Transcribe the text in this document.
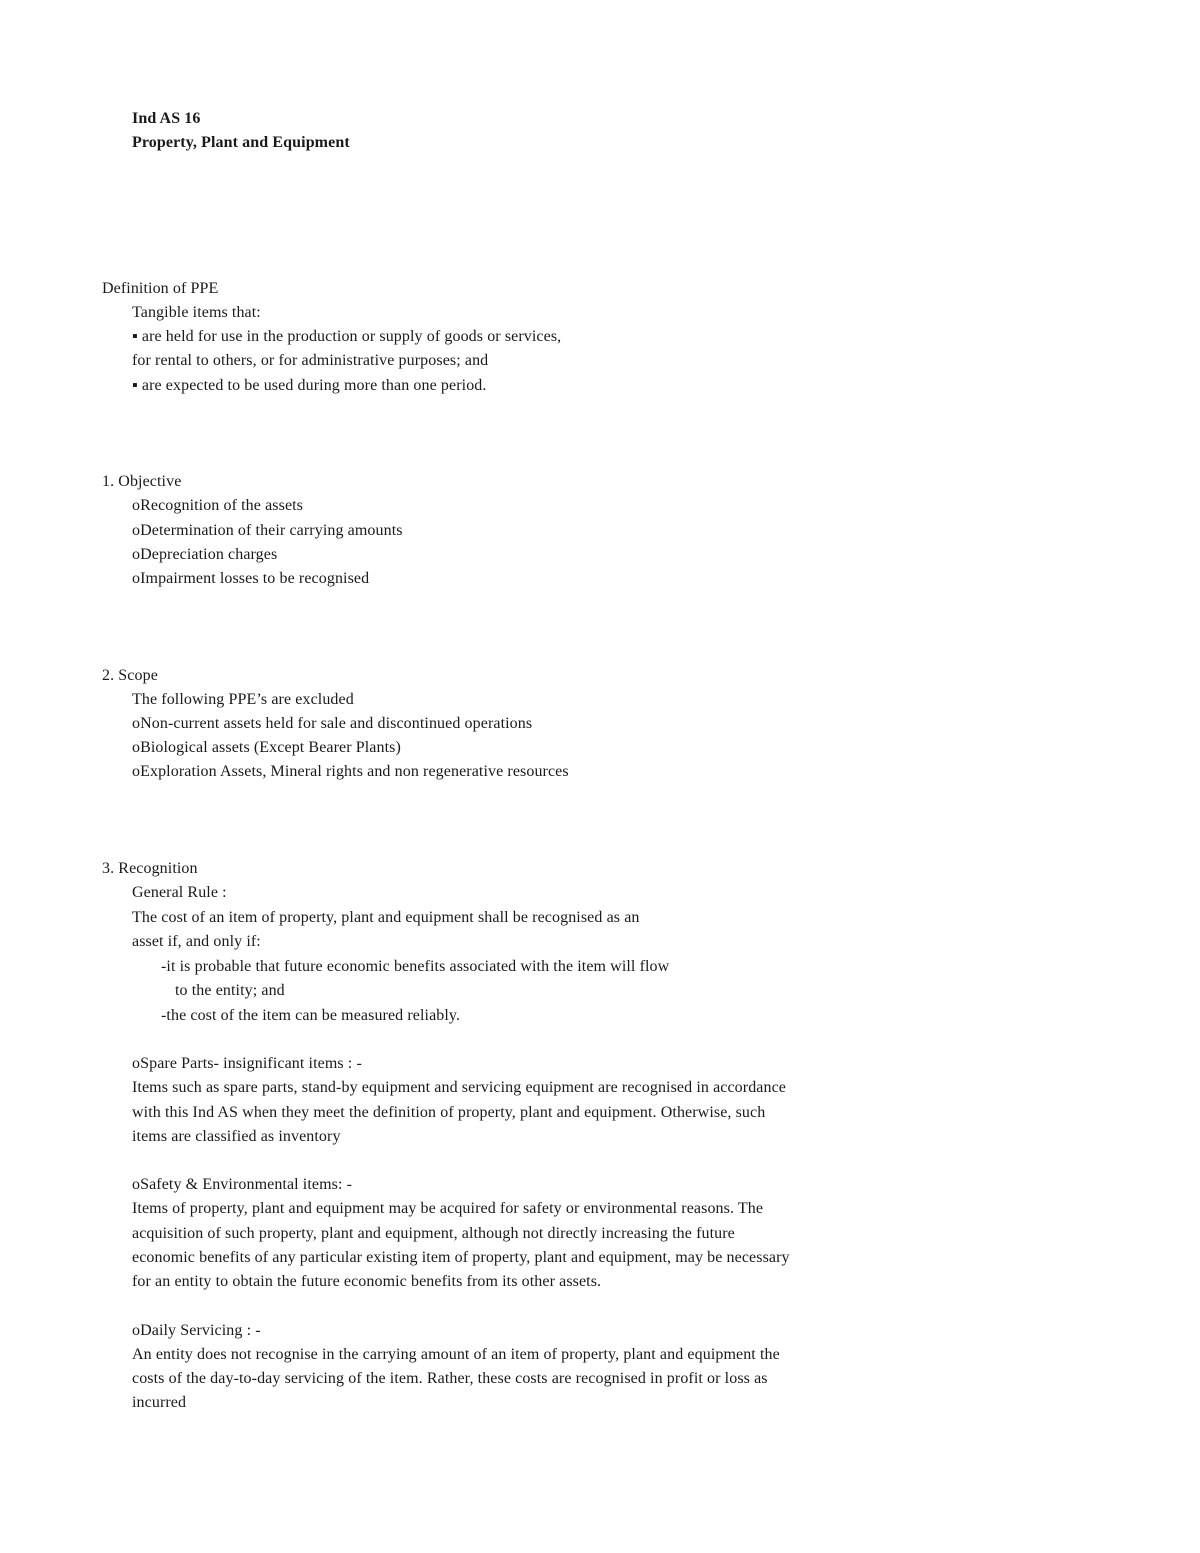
Ind AS 16
Property, Plant and Equipment
Definition of PPE
Tangible items that:
▪ are held for use in the production or supply of goods or services,
for rental to others, or for administrative purposes; and
▪ are expected to be used during more than one period.
1. Objective
oRecognition of the assets
oDetermination of their carrying amounts
oDepreciation charges
oImpairment losses to be recognised
2. Scope
The following PPE’s are excluded
oNon-current assets held for sale and discontinued operations
oBiological assets (Except Bearer Plants)
oExploration Assets, Mineral rights and non regenerative resources
3. Recognition
General Rule :
The cost of an item of property, plant and equipment shall be recognised as an
asset if, and only if:
-it is probable that future economic benefits associated with the item will flow
to the entity; and
-the cost of the item can be measured reliably.
oSpare Parts- insignificant items : -
Items such as spare parts, stand-by equipment and servicing equipment are recognised in accordance
with this Ind AS when they meet the definition of property, plant and equipment. Otherwise, such
items are classified as inventory
oSafety & Environmental items: -
Items of property, plant and equipment may be acquired for safety or environmental reasons. The
acquisition of such property, plant and equipment, although not directly increasing the future
economic benefits of any particular existing item of property, plant and equipment, may be necessary
for an entity to obtain the future economic benefits from its other assets.
oDaily Servicing : -
An entity does not recognise in the carrying amount of an item of property, plant and equipment the
costs of the day-to-day servicing of the item. Rather, these costs are recognised in profit or loss as
incurred
